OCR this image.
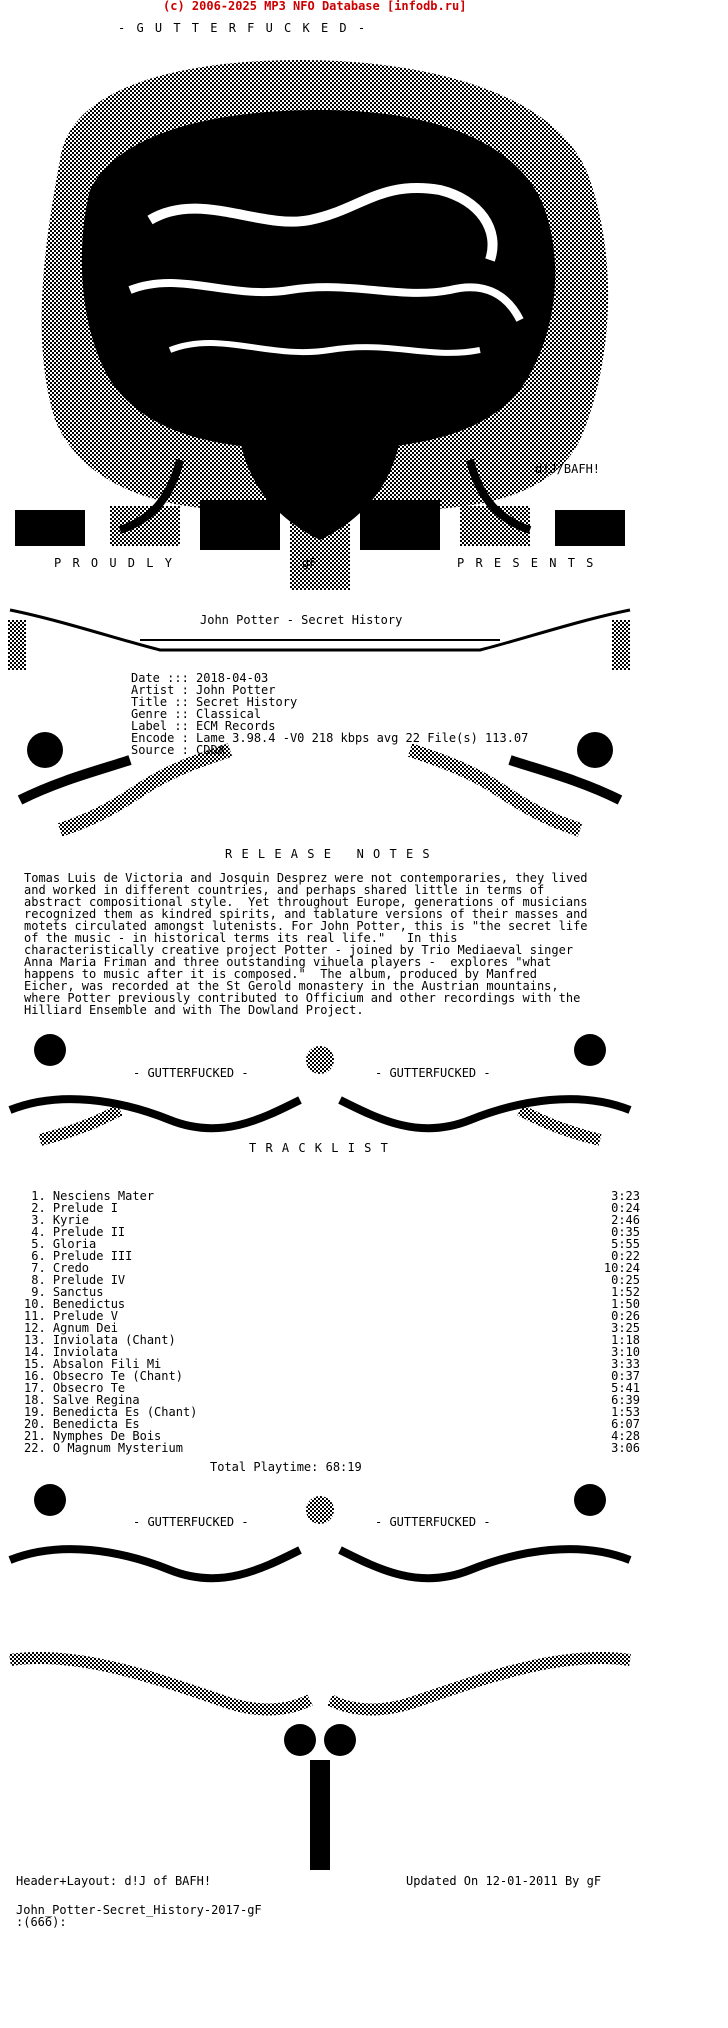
(c) 2006-2025 MP3 NFO Database [infodb.ru]
- G U T T E R F U C K E D -
d!J/BAFH!
P R O U D L Y	gF	P R E S E N T S
John Potter - Secret History
Date ::: 2018-04-03
Artist : John Potter
Title :: Secret History
Genre :: Classical
Label :: ECM Records
Encode : Lame 3.98.4 -V0 218 kbps avg 22 File(s) 113.07
Source : CDDA
R E L E A S E   N O T E S
Tomas Luis de Victoria and Josquin Desprez were not contemporaries, they lived
and worked in different countries, and perhaps shared little in terms of
abstract compositional style.  Yet throughout Europe, generations of musicians
recognized them as kindred spirits, and tablature versions of their masses and
motets circulated amongst lutenists. For John Potter, this is "the secret life
of the music - in historical terms its real life."   In this
characteristically creative project Potter - joined by Trio Mediaeval singer
Anna Maria Friman and three outstanding vihuela players -  explores "what
happens to music after it is composed."  The album, produced by Manfred
Eicher, was recorded at the St Gerold monastery in the Austrian mountains,
where Potter previously contributed to Officium and other recordings with the
Hilliard Ensemble and with The Dowland Project.
- GUTTERFUCKED -	- GUTTERFUCKED -
T R A C K L I S T
1. Nesciens Mater	3:23
2. Prelude I	0:24
3. Kyrie	2:46
4. Prelude II	0:35
5. Gloria	5:55
6. Prelude III	0:22
7. Credo	10:24
8. Prelude IV	0:25
9. Sanctus	1:52
10. Benedictus	1:50
11. Prelude V	0:26
12. Agnum Dei	3:25
13. Inviolata (Chant)	1:18
14. Inviolata	3:10
15. Absalon Fili Mi	3:33
16. Obsecro Te (Chant)	0:37
17. Obsecro Te	5:41
18. Salve Regina	6:39
19. Benedicta Es (Chant)	1:53
20. Benedicta Es	6:07
21. Nymphes De Bois	4:28
22. O Magnum Mysterium	3:06
Total Playtime: 68:19
- GUTTERFUCKED -	- GUTTERFUCKED -
Header+Layout: d!J of BAFH!	Updated On 12-01-2011 By gF
John_Potter-Secret_History-2017-gF
:(666):
